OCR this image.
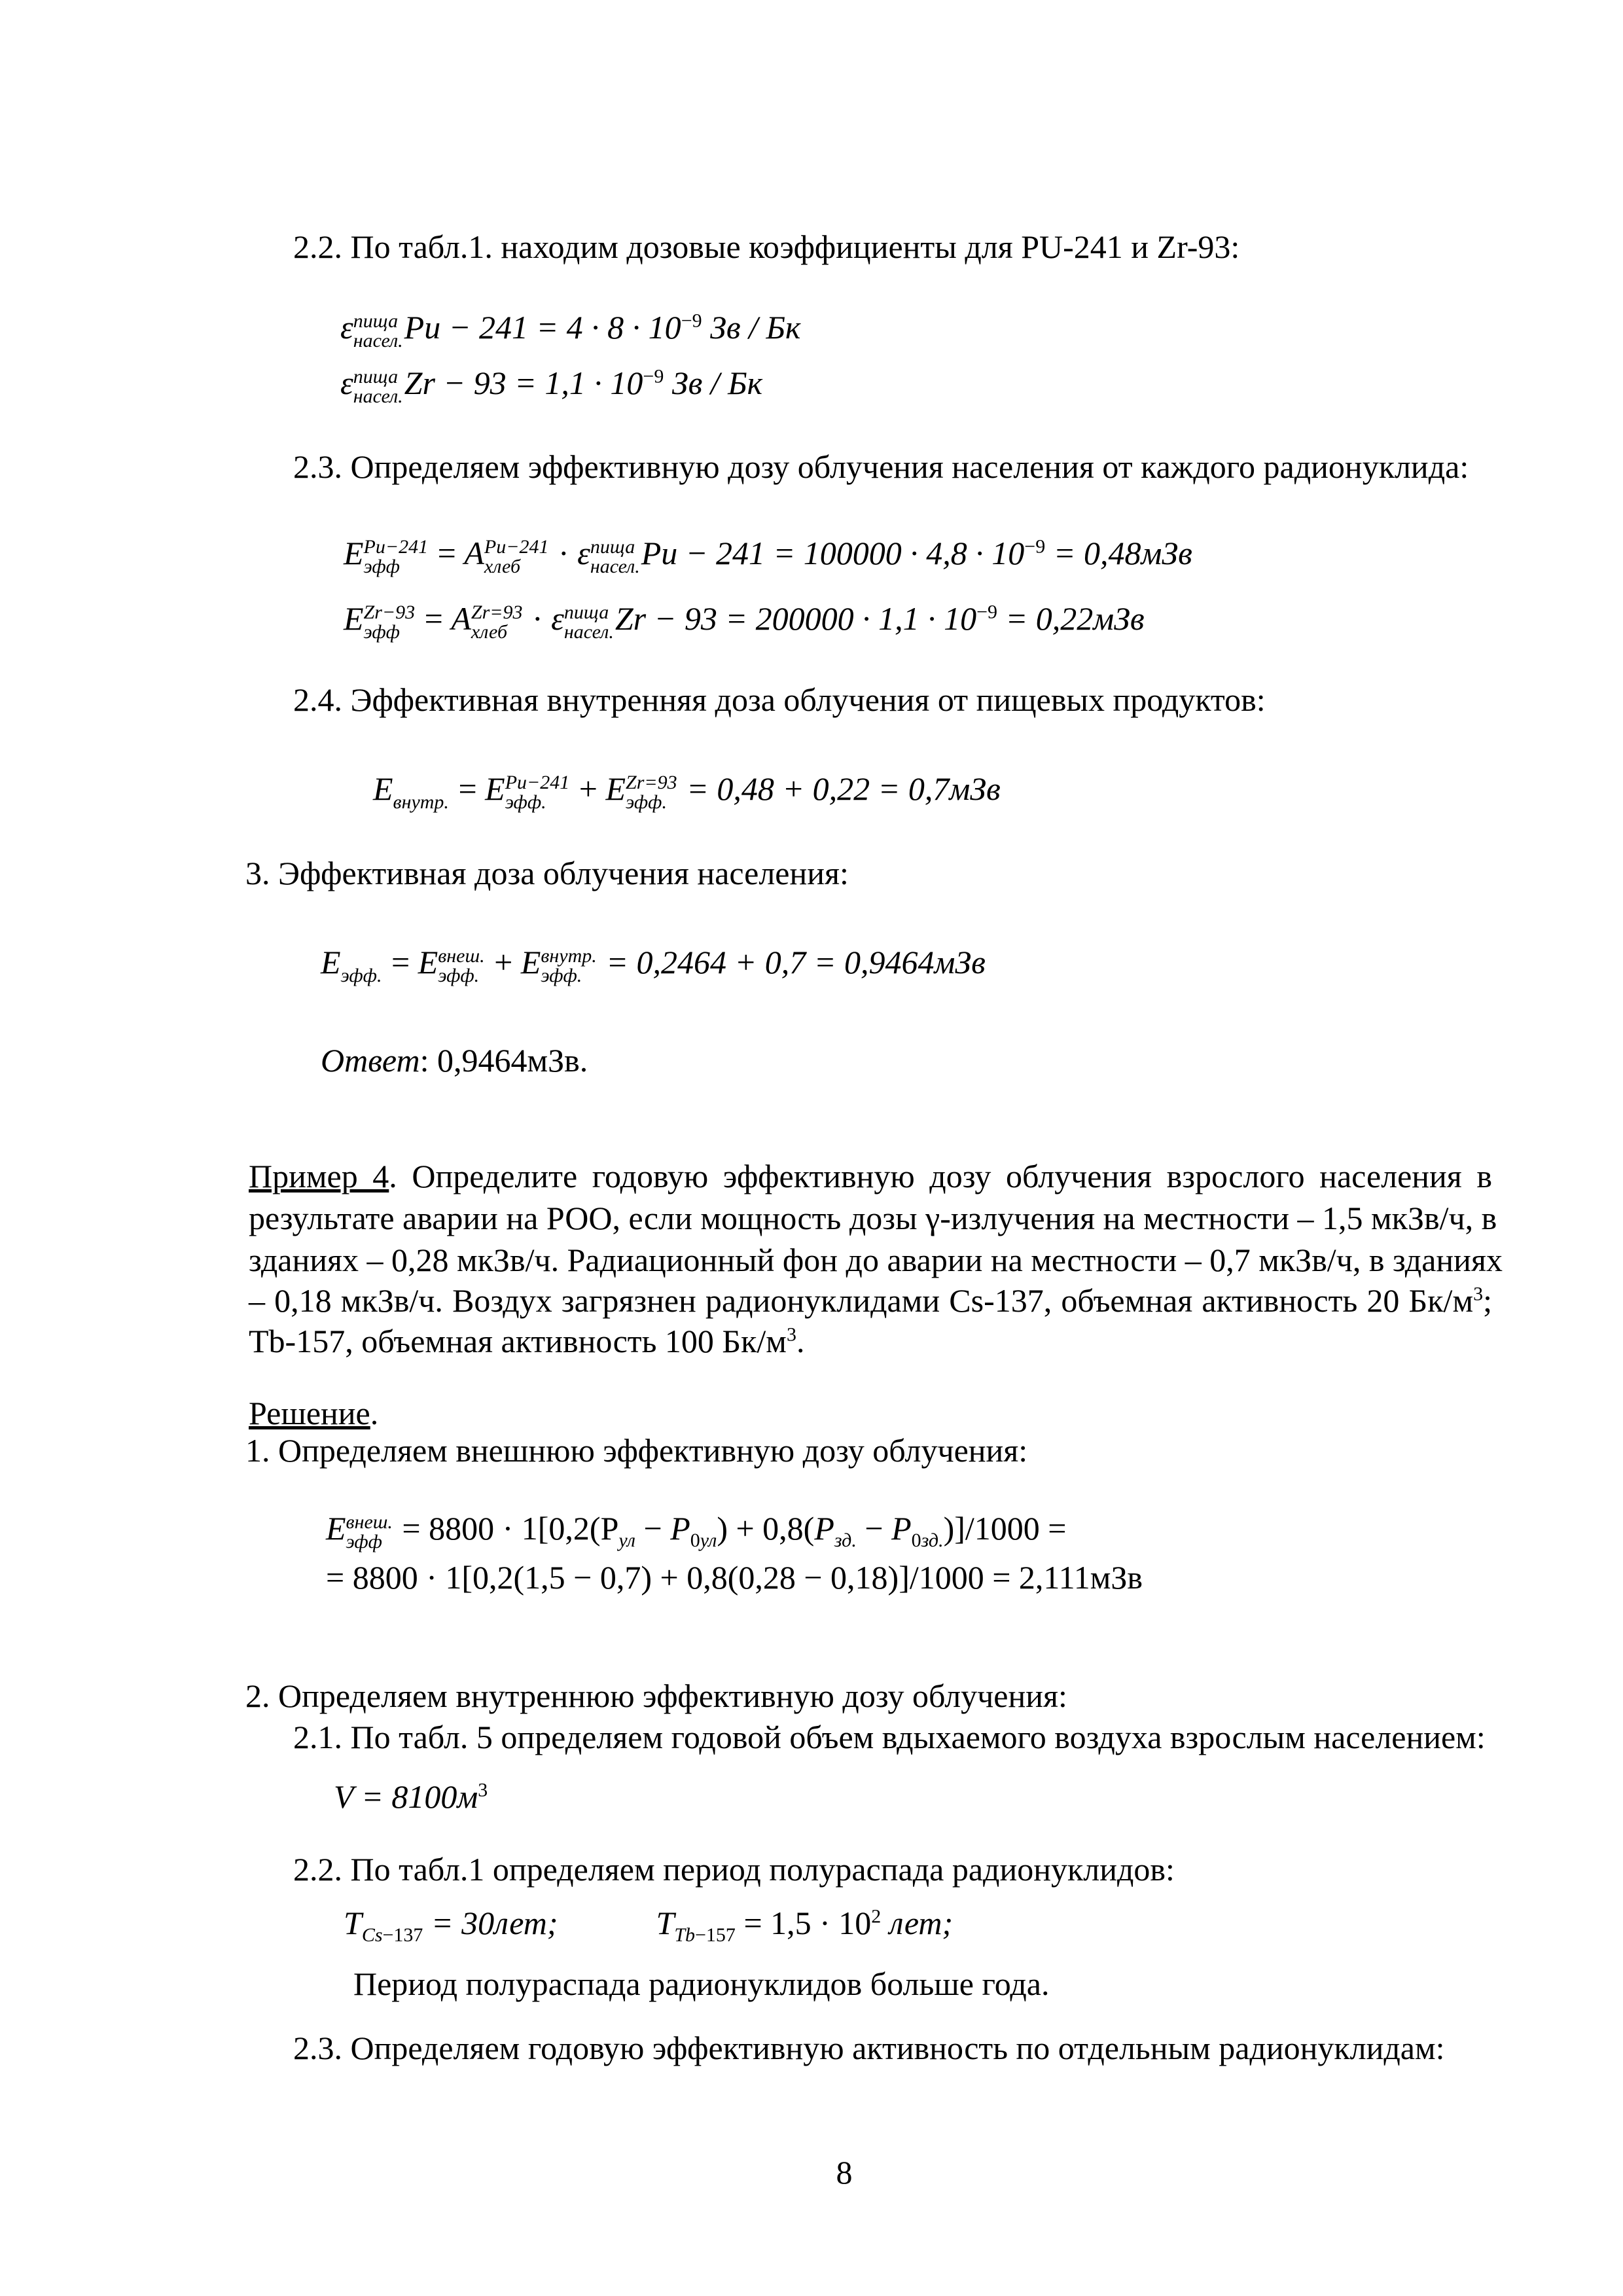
2.2. По табл.1. находим дозовые коэффициенты для PU-241 и Zr-93:
ε пища
насел. $Pu - 241 = 4 \cdot 8 \cdot 10^{-9}$ Зв / Бк
ε пища
насел. $Zr - 93 = 1,1 \cdot 10^{-9}$ Зв / Бк
2.3. Определяем эффективную дозу облучения населения от каждого радионуклида:
E Pu−241
эфф = A Pu−241
хлеб · ε пища
насел. $Pu - 241 = 100000 \cdot 4,8 \cdot 10^{-9} = 0,48мЗв$
E Zr−93
эфф = A Zr=93
хлеб · ε пища
насел. $Zr - 93 = 200000 \cdot 1,1 \cdot 10^{-9} = 0,22мЗв$
2.4. Эффективная внутренняя доза облучения от пищевых продуктов:
E
внутр. = E Pu−241
эфф. + E Zr=93
эфф. = 0,48 + 0,22 = 0,7мЗв
3. Эффективная доза облучения населения:
E
эфф. = E внеш.
эфф. + E внутр.
эфф. = 0,2464 + 0,7 = 0,9464мЗв
Ответ: 0,9464мЗв.
Пример 4. Определите годовую эффективную дозу облучения взрослого населения в
результате аварии на РОО, если мощность дозы γ-излучения на местности – 1,5 мкЗв/ч, в
зданиях – 0,28 мкЗв/ч. Радиационный фон до аварии на местности – 0,7 мкЗв/ч, в зданиях
– 0,18 мкЗв/ч. Воздух загрязнен радионуклидами Cs-137, объемная активность 20 $Бк/м^3$;
Tb-157, объемная активность 100 $Бк/м^3$.
Решение.
1. Определяем внешнюю эффективную дозу облучения:
E внеш.
эфф = $8800 \cdot 1[0,2(P_{ул} - P_{0ул}) + 0,8(P_{зд.} - P_{0зд.})]/1000$ =
= 8800 · 1[0,2(1,5 − 0,7) + 0,8(0,28 − 0,18)]/1000 = 2,111мЗв
2. Определяем внутреннюю эффективную дозу облучения:
2.1. По табл. 5 определяем годовой объем вдыхаемого воздуха взрослым населением:
$V = 8100м^3$
2.2. По табл.1 определяем период полураспада радионуклидов:
$T_{Cs-137} = 30лет$;	$T_{Tb-157} = 1,5 \cdot 10^2$ лет;
Период полураспада радионуклидов больше года.
2.3. Определяем годовую эффективную активность по отдельным радионуклидам:
8
